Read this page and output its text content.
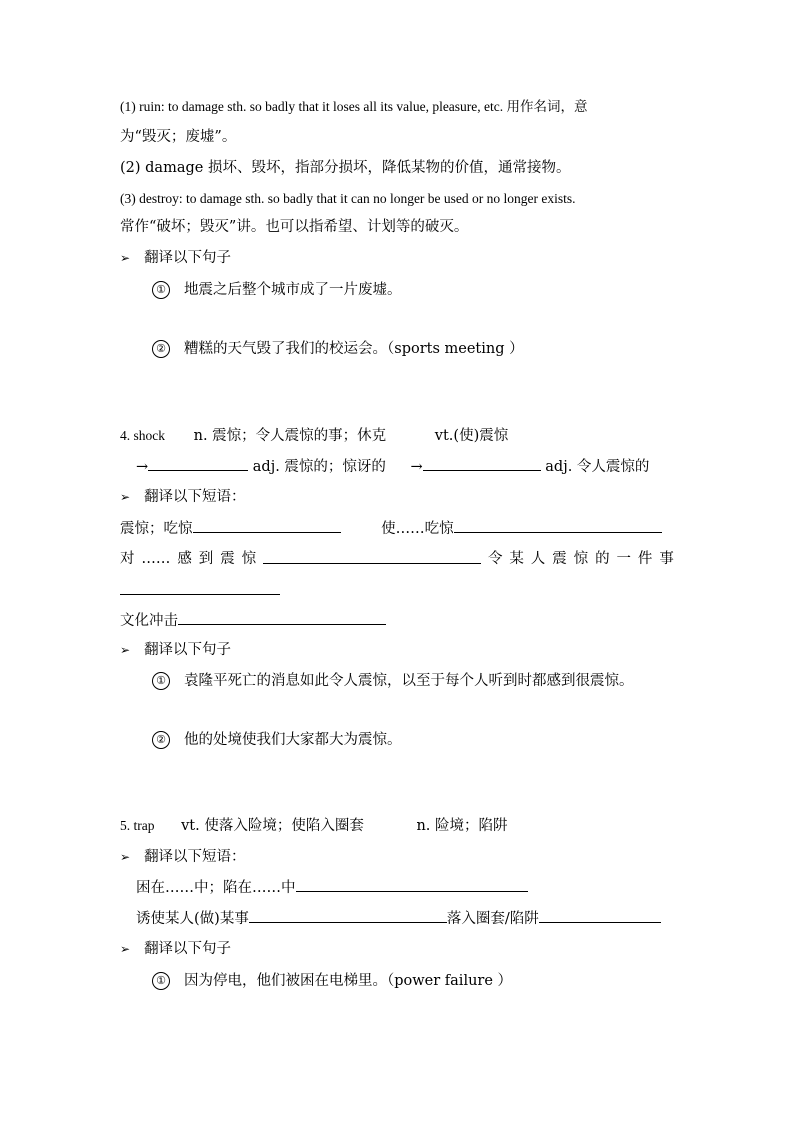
(1) ruin: to damage sth. so badly that it loses all its value, pleasure, etc. 用作名词，意
为“毁灭；废墟”。
(2) damage 损坏、毁坏，指部分损坏，降低某物的价值，通常接物。
(3) destroy: to damage sth. so badly that it can no longer be used or no longer exists.
常作“破坏；毁灭”讲。也可以指希望、计划等的破灭。
➢ 翻译以下句子
① 地震之后整个城市成了一片废墟。
② 糟糕的天气毁了我们的校运会。（sports meeting ）
4. shock n. 震惊；令人震惊的事；休克	vt.(使)震惊
→	adj. 震惊的；惊讶的 →	adj. 令人震惊的
➢ 翻译以下短语：
震惊；吃惊	使……吃惊
对 …… 感 到 震 惊	令 某 人 震 惊 的 一 件 事
文化冲击
➢ 翻译以下句子
① 袁隆平死亡的消息如此令人震惊，以至于每个人听到时都感到很震惊。
② 他的处境使我们大家都大为震惊。
5. trap vt. 使落入险境；使陷入圈套	n. 险境；陷阱
➢ 翻译以下短语：
困在……中；陷在……中
诱使某人(做)某事	落入圈套/陷阱
➢ 翻译以下句子
① 因为停电，他们被困在电梯里。（power failure ）
